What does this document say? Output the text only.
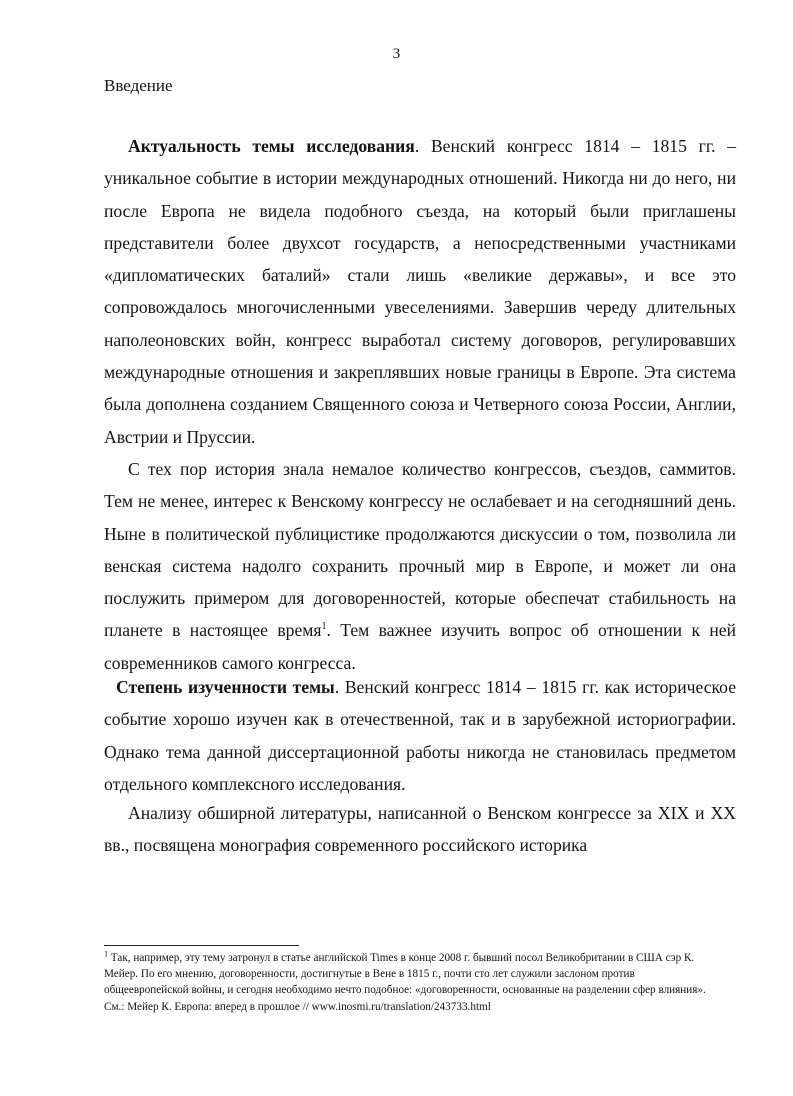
3
Введение

Актуальность темы исследования. Венский конгресс 1814 – 1815 гг. – уникальное событие в истории международных отношений. Никогда ни до него, ни после Европа не видела подобного съезда, на который были приглашены представители более двухсот государств, а непосредственными участниками «дипломатических баталий» стали лишь «великие державы», и все это сопровождалось многочисленными увеселениями. Завершив череду длительных наполеоновских войн, конгресс выработал систему договоров, регулировавших международные отношения и закреплявших новые границы в Европе. Эта система была дополнена созданием Священного союза и Четверного союза России, Англии, Австрии и Пруссии.

С тех пор история знала немалое количество конгрессов, съездов, саммитов. Тем не менее, интерес к Венскому конгрессу не ослабевает и на сегодняшний день. Ныне в политической публицистике продолжаются дискуссии о том, позволила ли венская система надолго сохранить прочный мир в Европе, и может ли она послужить примером для договоренностей, которые обеспечат стабильность на планете в настоящее время$^1$. Тем важнее изучить вопрос об отношении к ней современников самого конгресса.

Степень изученности темы. Венский конгресс 1814 – 1815 гг. как историческое событие хорошо изучен как в отечественной, так и в зарубежной историографии. Однако тема данной диссертационной работы никогда не становилась предметом отдельного комплексного исследования.

Анализу обширной литературы, написанной о Венском конгрессе за XIX и XX вв., посвящена монография современного российского историка

$^1$ Так, например, эту тему затронул в статье английской Times в конце 2008 г. бывший посол Великобритании в США сэр К. Мейер. По его мнению, договоренности, достигнутые в Вене в 1815 г., почти сто лет служили заслоном против общеевропейской войны, и сегодня необходимо нечто подобное: «договоренности, основанные на разделении сфер влияния». См.: Мейер К. Европа: вперед в прошлое // www.inosmi.ru/translation/243733.html
